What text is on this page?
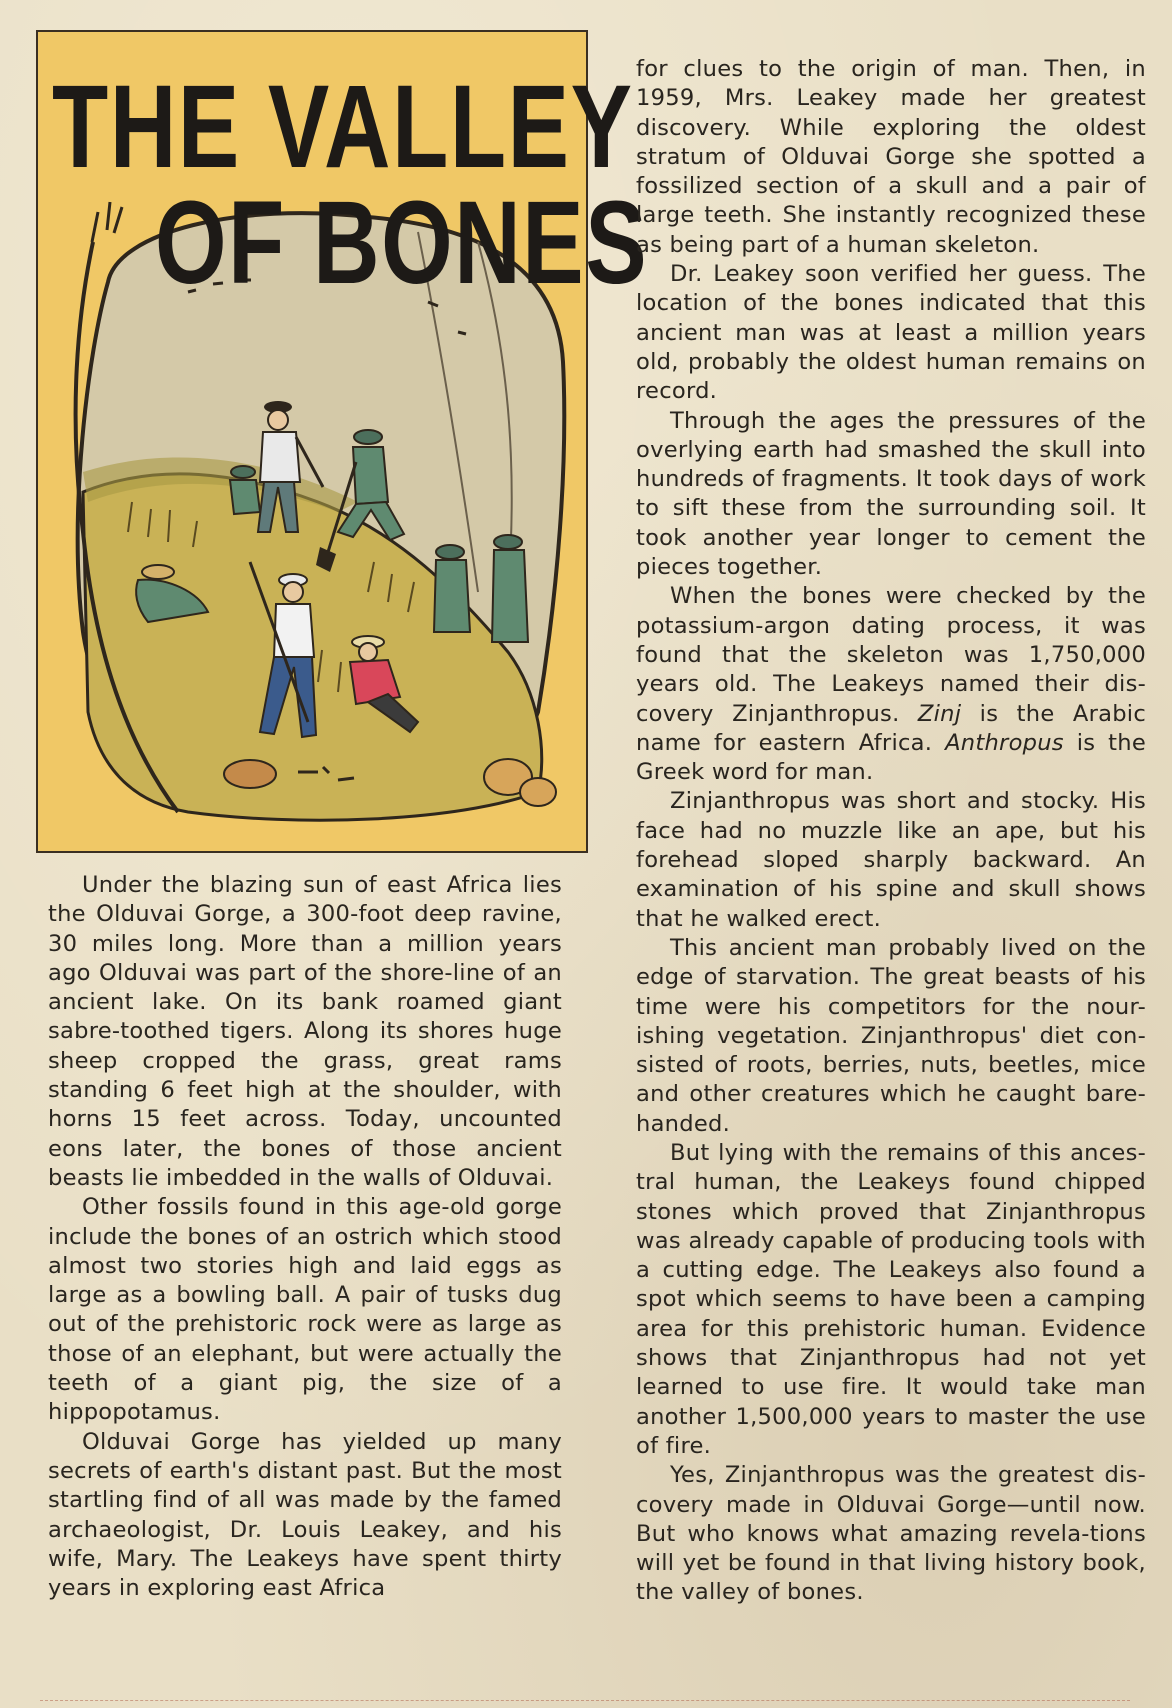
THE VALLEY
OF BONES

Under the blazing sun of east Africa lies the Olduvai Gorge, a 300-foot deep ravine, 30 miles long. More than a million years ago Olduvai was part of the shore-line of an ancient lake. On its bank roamed giant sabre-toothed tigers. Along its shores huge sheep cropped the grass, great rams standing 6 feet high at the shoulder, with horns 15 feet across. Today, uncounted eons later, the bones of those ancient beasts lie imbedded in the walls of Olduvai.

Other fossils found in this age-old gorge include the bones of an ostrich which stood almost two stories high and laid eggs as large as a bowling ball. A pair of tusks dug out of the prehistoric rock were as large as those of an elephant, but were actually the teeth of a giant pig, the size of a hippopotamus.

Olduvai Gorge has yielded up many secrets of earth's distant past. But the most startling find of all was made by the famed archaeologist, Dr. Louis Leakey, and his wife, Mary. The Leakeys have spent thirty years in exploring east Africa

for clues to the origin of man. Then, in 1959, Mrs. Leakey made her greatest discovery. While exploring the oldest stratum of Olduvai Gorge she spotted a fossilized section of a skull and a pair of large teeth. She instantly recognized these as being part of a human skeleton.

Dr. Leakey soon verified her guess. The location of the bones indicated that this ancient man was at least a million years old, probably the oldest human remains on record.

Through the ages the pressures of the overlying earth had smashed the skull into hundreds of fragments. It took days of work to sift these from the surrounding soil. It took another year longer to cement the pieces together.

When the bones were checked by the potassium-argon dating process, it was found that the skeleton was 1,750,000 years old. The Leakeys named their dis-covery Zinjanthropus. Zinj is the Arabic name for eastern Africa. Anthropus is the Greek word for man.

Zinjanthropus was short and stocky. His face had no muzzle like an ape, but his forehead sloped sharply backward. An examination of his spine and skull shows that he walked erect.

This ancient man probably lived on the edge of starvation. The great beasts of his time were his competitors for the nour-ishing vegetation. Zinjanthropus' diet con-sisted of roots, berries, nuts, beetles, mice and other creatures which he caught bare-handed.

But lying with the remains of this ances-tral human, the Leakeys found chipped stones which proved that Zinjanthropus was already capable of producing tools with a cutting edge. The Leakeys also found a spot which seems to have been a camping area for this prehistoric human. Evidence shows that Zinjanthropus had not yet learned to use fire. It would take man another 1,500,000 years to master the use of fire.

Yes, Zinjanthropus was the greatest dis-covery made in Olduvai Gorge—until now. But who knows what amazing revela-tions will yet be found in that living history book, the valley of bones.
